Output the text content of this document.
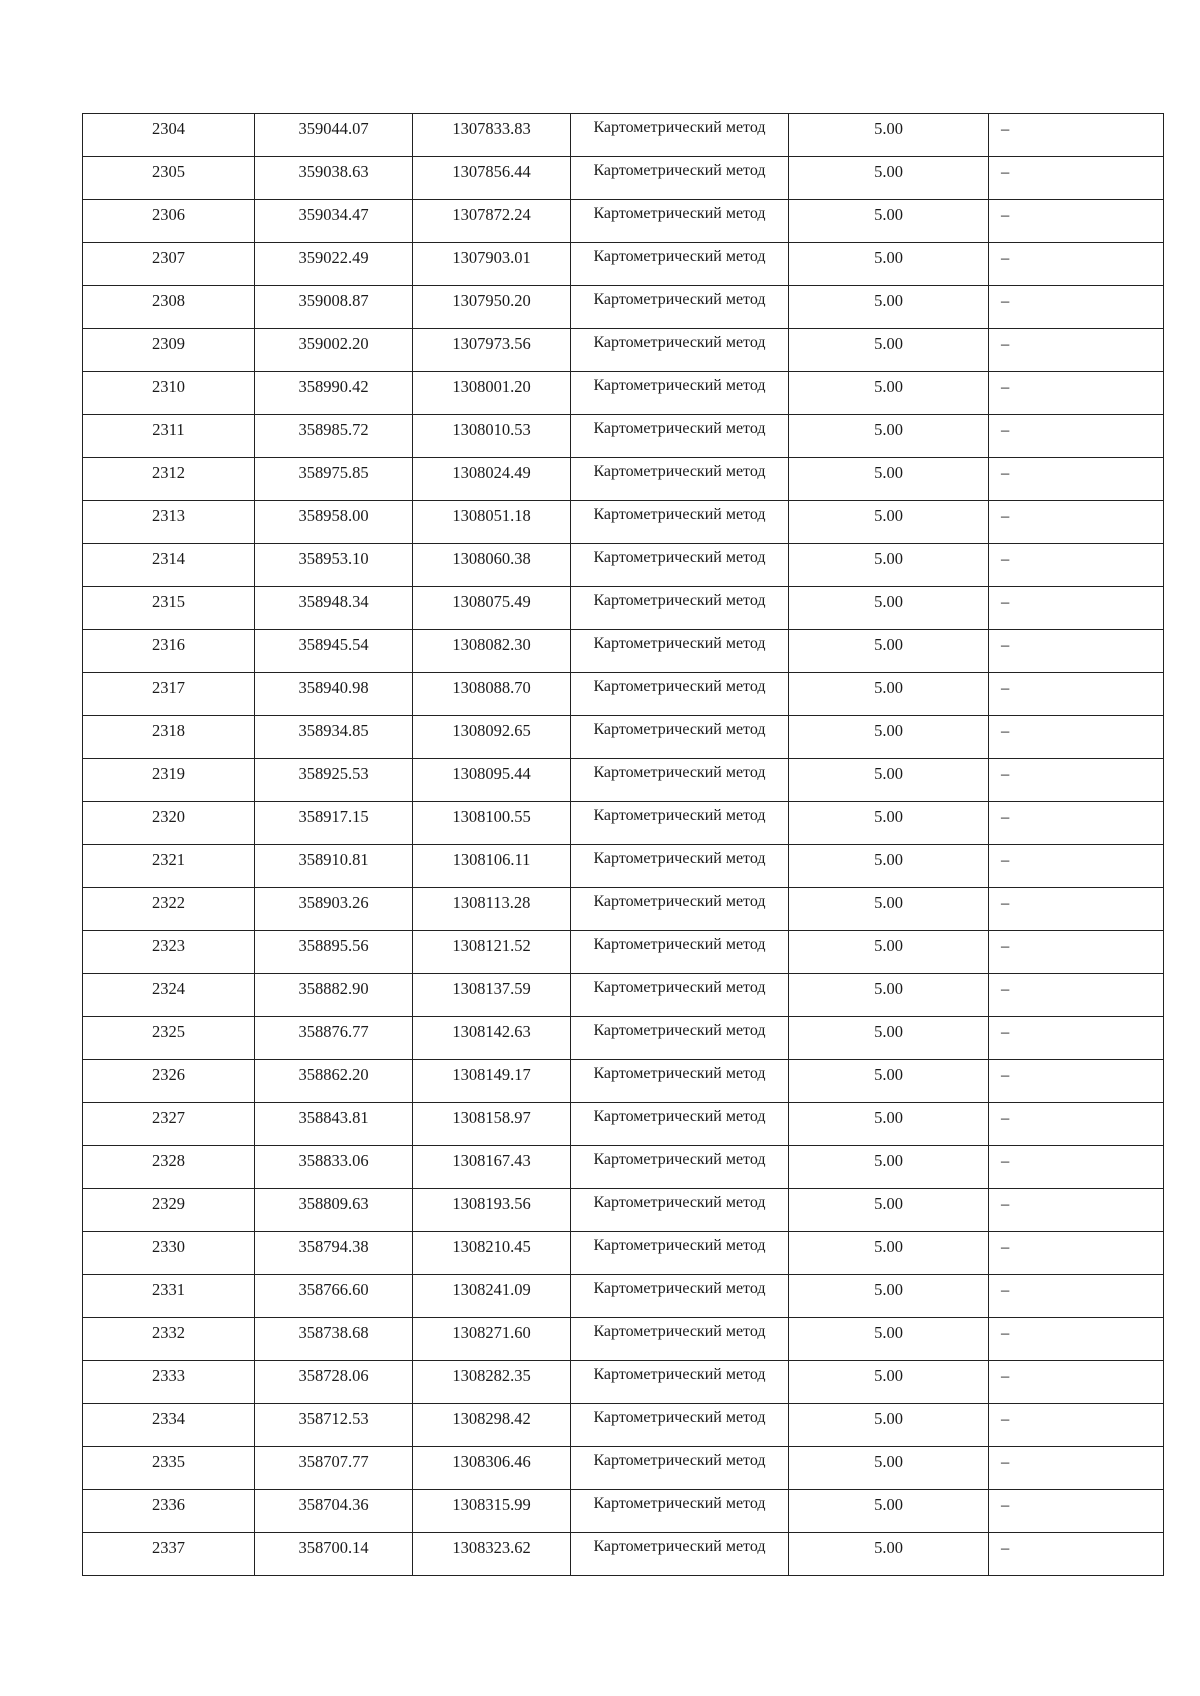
2304	359044.07	1307833.83	Картометрический метод	5.00	–
2305	359038.63	1307856.44	Картометрический метод	5.00	–
2306	359034.47	1307872.24	Картометрический метод	5.00	–
2307	359022.49	1307903.01	Картометрический метод	5.00	–
2308	359008.87	1307950.20	Картометрический метод	5.00	–
2309	359002.20	1307973.56	Картометрический метод	5.00	–
2310	358990.42	1308001.20	Картометрический метод	5.00	–
2311	358985.72	1308010.53	Картометрический метод	5.00	–
2312	358975.85	1308024.49	Картометрический метод	5.00	–
2313	358958.00	1308051.18	Картометрический метод	5.00	–
2314	358953.10	1308060.38	Картометрический метод	5.00	–
2315	358948.34	1308075.49	Картометрический метод	5.00	–
2316	358945.54	1308082.30	Картометрический метод	5.00	–
2317	358940.98	1308088.70	Картометрический метод	5.00	–
2318	358934.85	1308092.65	Картометрический метод	5.00	–
2319	358925.53	1308095.44	Картометрический метод	5.00	–
2320	358917.15	1308100.55	Картометрический метод	5.00	–
2321	358910.81	1308106.11	Картометрический метод	5.00	–
2322	358903.26	1308113.28	Картометрический метод	5.00	–
2323	358895.56	1308121.52	Картометрический метод	5.00	–
2324	358882.90	1308137.59	Картометрический метод	5.00	–
2325	358876.77	1308142.63	Картометрический метод	5.00	–
2326	358862.20	1308149.17	Картометрический метод	5.00	–
2327	358843.81	1308158.97	Картометрический метод	5.00	–
2328	358833.06	1308167.43	Картометрический метод	5.00	–
2329	358809.63	1308193.56	Картометрический метод	5.00	–
2330	358794.38	1308210.45	Картометрический метод	5.00	–
2331	358766.60	1308241.09	Картометрический метод	5.00	–
2332	358738.68	1308271.60	Картометрический метод	5.00	–
2333	358728.06	1308282.35	Картометрический метод	5.00	–
2334	358712.53	1308298.42	Картометрический метод	5.00	–
2335	358707.77	1308306.46	Картометрический метод	5.00	–
2336	358704.36	1308315.99	Картометрический метод	5.00	–
2337	358700.14	1308323.62	Картометрический метод	5.00	–
